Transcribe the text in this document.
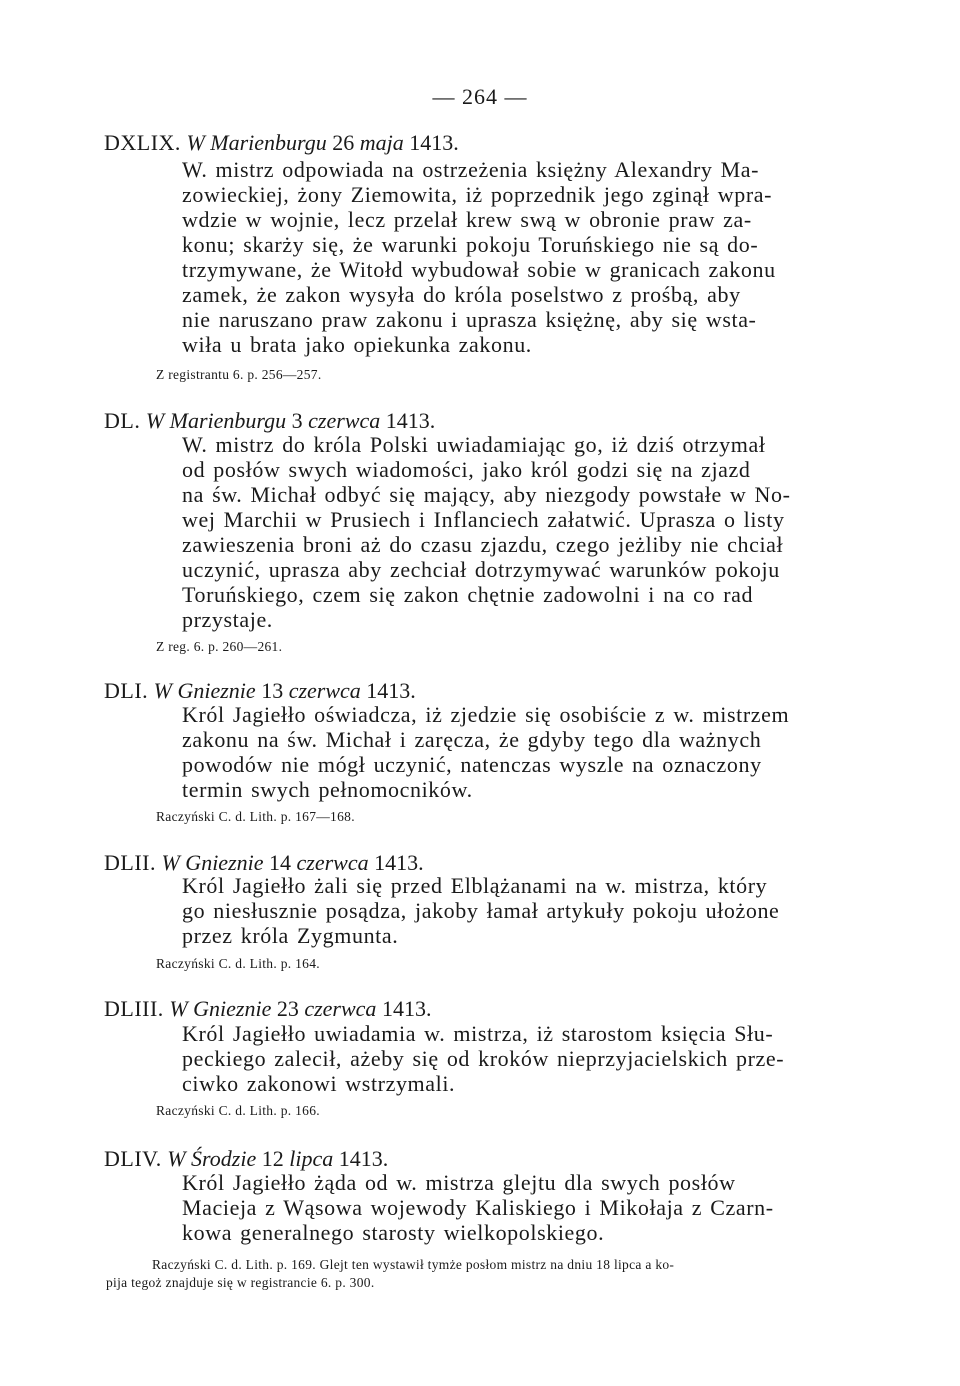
— 264 —
DXLIX. W Marienburgu 26 maja 1413.
W. mistrz odpowiada na ostrzeżenia księżny Alexandry Ma-
zowieckiej, żony Ziemowita, iż poprzednik jego zginął wpra-
wdzie w wojnie, lecz przelał krew swą w obronie praw za-
konu; skarży się, że warunki pokoju Toruńskiego nie są do-
trzymywane, że Witołd wybudował sobie w granicach zakonu
zamek, że zakon wysyła do króla poselstwo z prośbą, aby
nie naruszano praw zakonu i uprasza księżnę, aby się wsta-
wiła u brata jako opiekunka zakonu.
Z registrantu 6. p. 256—257.
DL. W Marienburgu 3 czerwca 1413.
W. mistrz do króla Polski uwiadamiając go, iż dziś otrzymał
od posłów swych wiadomości, jako król godzi się na zjazd
na św. Michał odbyć się mający, aby niezgody powstałe w No-
wej Marchii w Prusiech i Inflanciech załatwić. Uprasza o listy
zawieszenia broni aż do czasu zjazdu, czego jeżliby nie chciał
uczynić, uprasza aby zechciał dotrzymywać warunków pokoju
Toruńskiego, czem się zakon chętnie zadowolni i na co rad
przystaje.
Z reg. 6. p. 260—261.
DLI. W Gnieznie 13 czerwca 1413.
Król Jagiełło oświadcza, iż zjedzie się osobiście z w. mistrzem
zakonu na św. Michał i zaręcza, że gdyby tego dla ważnych
powodów nie mógł uczynić, natenczas wyszle na oznaczony
termin swych pełnomocników.
Raczyński C. d. Lith. p. 167—168.
DLII. W Gnieznie 14 czerwca 1413.
Król Jagiełło żali się przed Elblążanami na w. mistrza, który
go niesłusznie posądza, jakoby łamał artykuły pokoju ułożone
przez króla Zygmunta.
Raczyński C. d. Lith. p. 164.
DLIII. W Gnieznie 23 czerwca 1413.
Król Jagiełło uwiadamia w. mistrza, iż starostom księcia Słu-
peckiego zalecił, ażeby się od kroków nieprzyjacielskich prze-
ciwko zakonowi wstrzymali.
Raczyński C. d. Lith. p. 166.
DLIV. W Środzie 12 lipca 1413.
Król Jagiełło żąda od w. mistrza glejtu dla swych posłów
Macieja z Wąsowa wojewody Kaliskiego i Mikołaja z Czarn-
kowa generalnego starosty wielkopolskiego.
Raczyński C. d. Lith. p. 169. Glejt ten wystawił tymże posłom mistrz na dniu 18 lipca a ko-
pija tegoż znajduje się w registrancie 6. p. 300.
